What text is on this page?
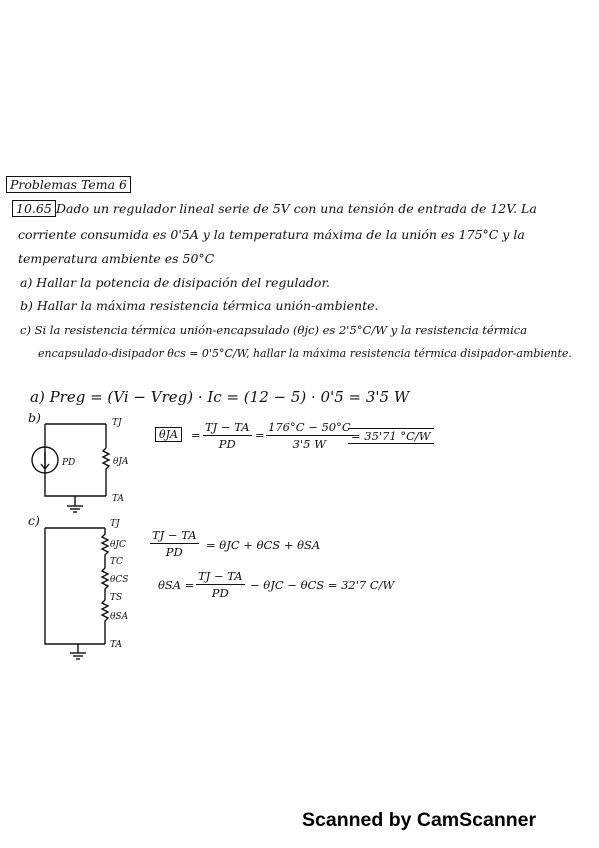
Problemas Tema 6
10.65 Dado un regulador lineal serie de 5V con una tensión de entrada de 12V. La
corriente consumida es 0'5A y la temperatura máxima de la unión es 175°C y la
temperatura ambiente es 50°C
a) Hallar la potencia de disipación del regulador.
b) Hallar la máxima resistencia térmica unión-ambiente.
c) Si la resistencia térmica unión-encapsulado (θjc) es 2'5°C/W y la resistencia térmica
encapsulado-disipador θcs = 0'5°C/W, hallar la máxima resistencia térmica disipador-ambiente.
a) Preg = (Vi − Vreg) · Ic = (12 − 5) · 0'5 = 3'5 W
b)	TJ
PD	θJA
TA
θJA	= $\frac{TJ - TA}{PD} = \frac{176^\circ C - 50^\circ C}{3'5 W}$
= 35'71 °C/W
c)	TJ
θJC
TC
θCS
TS
θSA
TA
$\frac{TJ - TA}{PD} = \theta JC + \theta CS + \theta SA$
$\theta SA = \frac{TJ - TA}{PD} - \theta JC - \theta CS = 32'7$ C/W
Scanned by CamScanner
